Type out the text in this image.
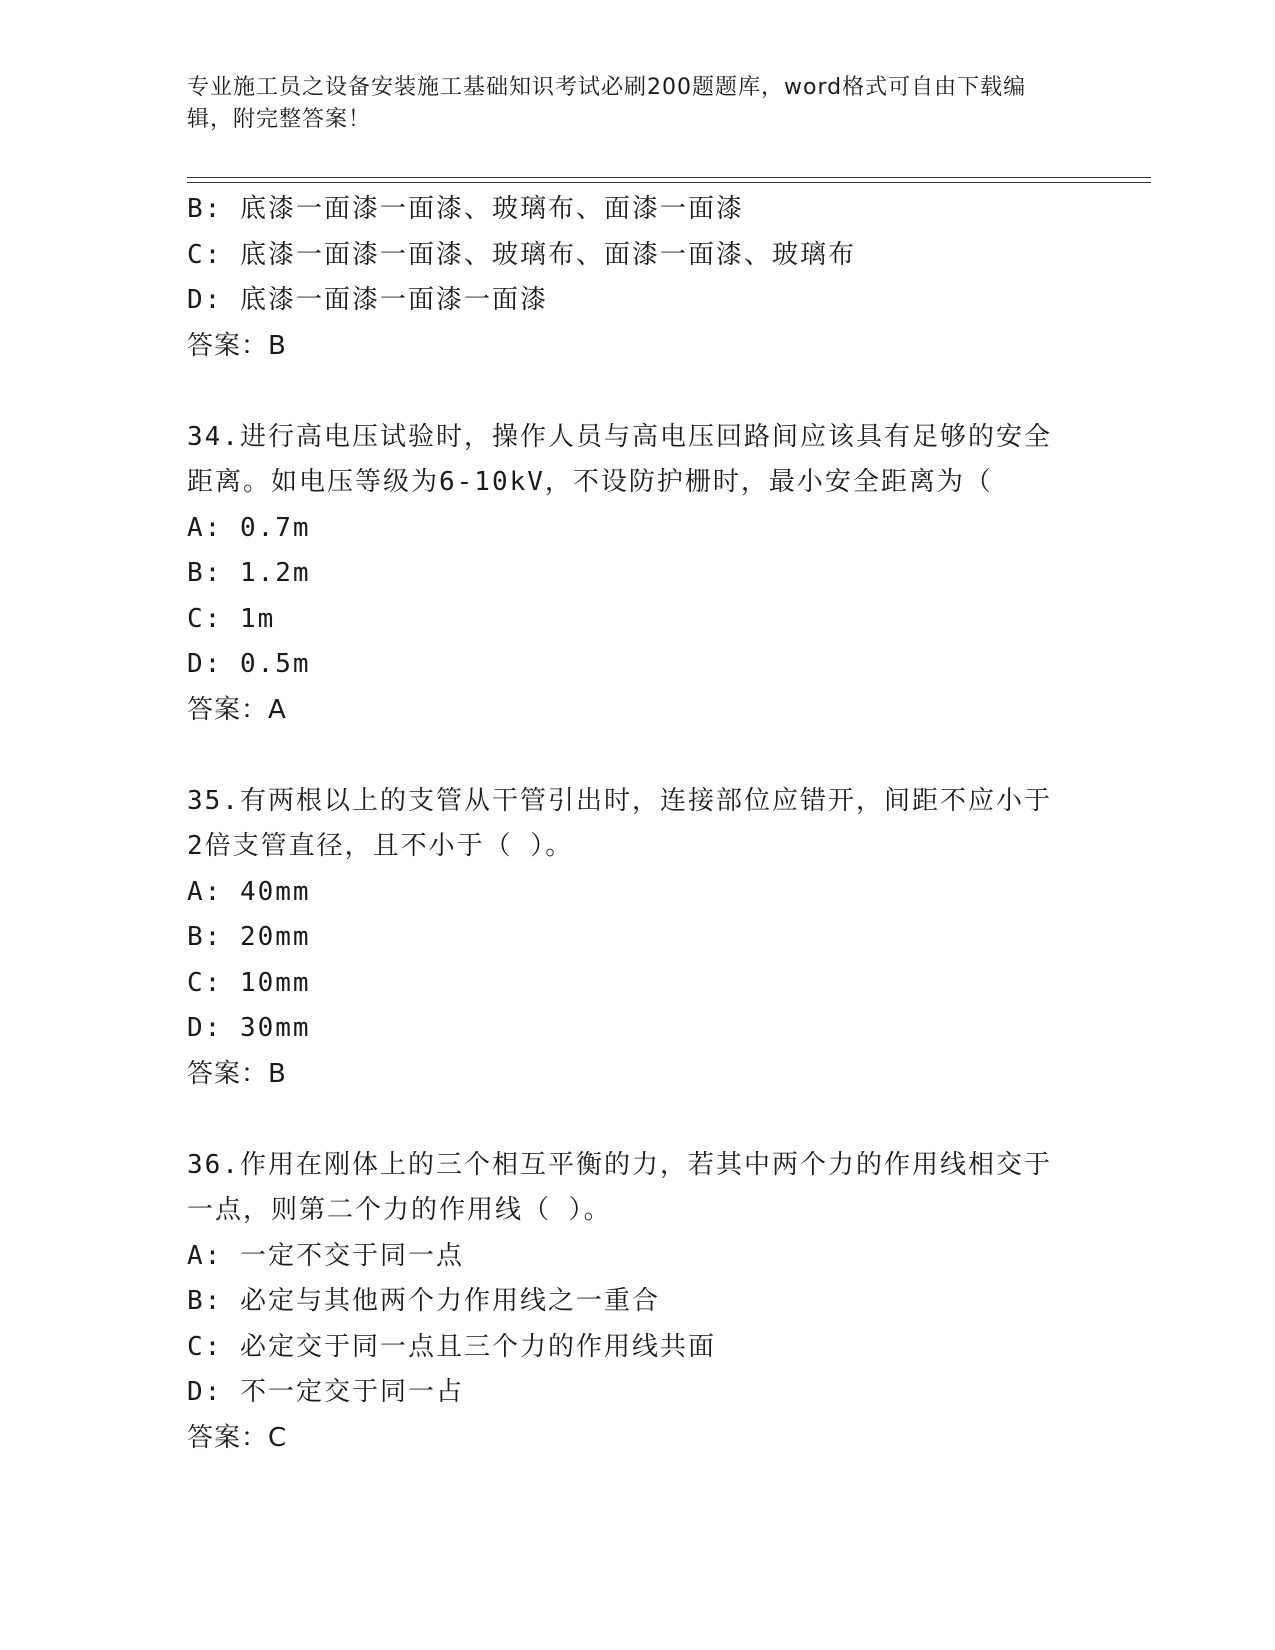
专业施工员之设备安装施工基础知识考试必刷200题题库，word格式可自由下载编辑，附完整答案！
B: 底漆一面漆一面漆、玻璃布、面漆一面漆
C: 底漆一面漆一面漆、玻璃布、面漆一面漆、玻璃布
D: 底漆一面漆一面漆一面漆
答案：B
34.进行高电压试验时，操作人员与高电压回路间应该具有足够的安全
距离。如电压等级为6-10kV，不设防护栅时，最小安全距离为（
A: 0.7m
B: 1.2m
C: 1m
D: 0.5m
答案：A
35.有两根以上的支管从干管引出时，连接部位应错开，间距不应小于
2倍支管直径，且不小于（ ）。
A: 40mm
B: 20mm
C: 10mm
D: 30mm
答案：B
36.作用在刚体上的三个相互平衡的力，若其中两个力的作用线相交于
一点，则第二个力的作用线（ ）。
A: 一定不交于同一点
B: 必定与其他两个力作用线之一重合
C: 必定交于同一点且三个力的作用线共面
D: 不一定交于同一占
答案：C
